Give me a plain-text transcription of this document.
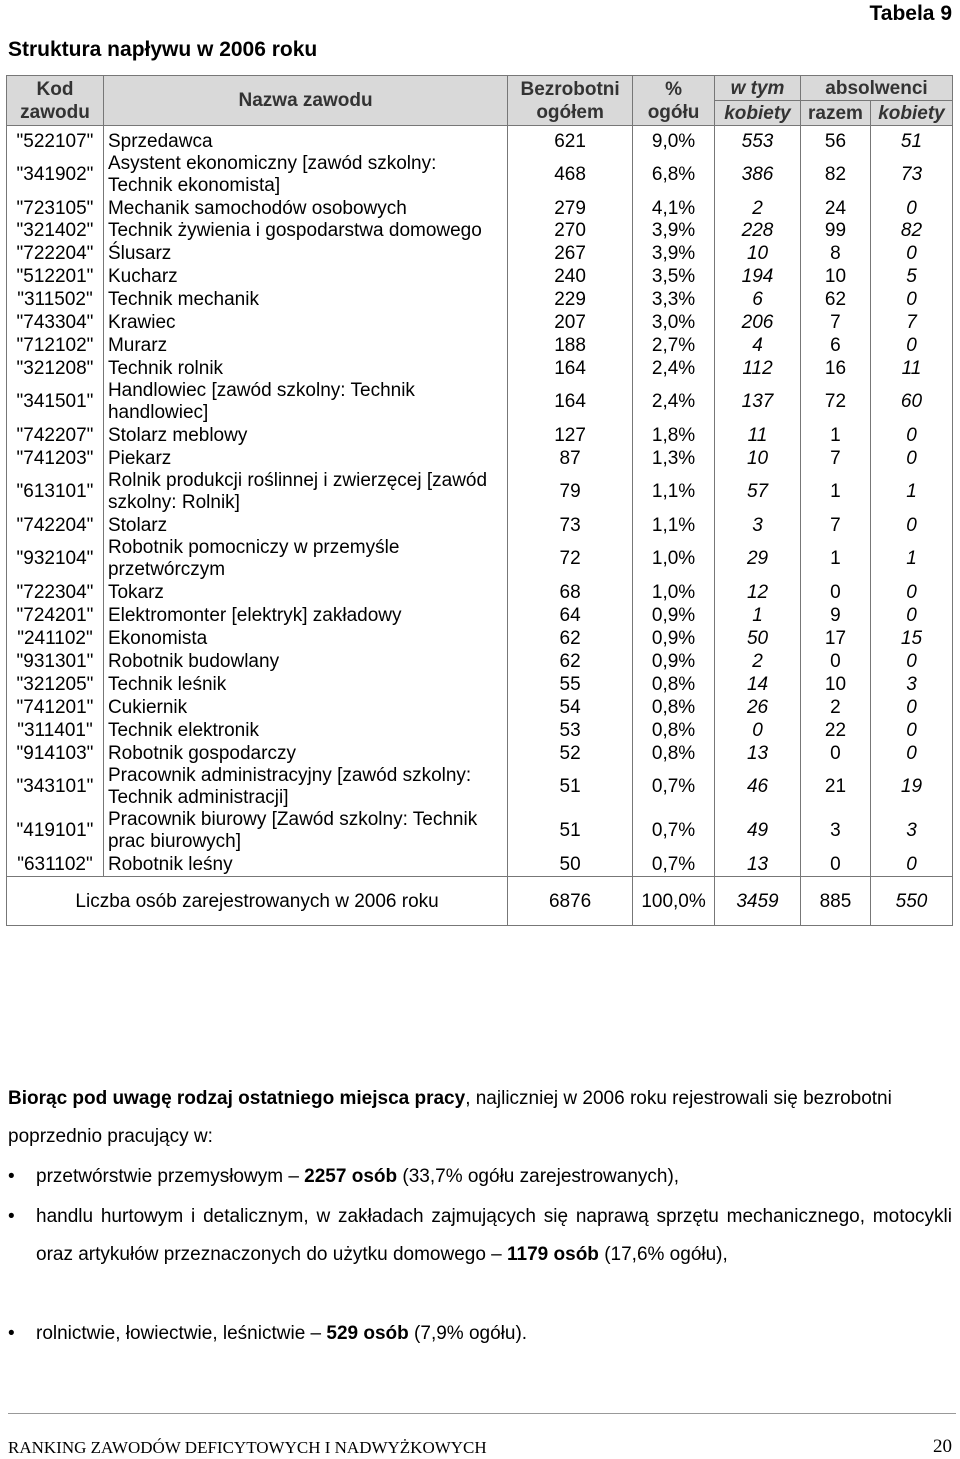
Tabela 9
Struktura napływu w 2006 roku
Kod zawodu	Nazwa zawodu	Bezrobotni ogółem	% ogółu	w tym	absolwenci	
				kobiety	razem	kobiety
"522107"	Sprzedawca	621	9,0%	553	56	51
"341902"	Asystent ekonomiczny [zawód szkolny: Technik ekonomista]	468	6,8%	386	82	73
"723105"	Mechanik samochodów osobowych	279	4,1%	2	24	0
"321402"	Technik żywienia i gospodarstwa domowego	270	3,9%	228	99	82
"722204"	Ślusarz	267	3,9%	10	8	0
"512201"	Kucharz	240	3,5%	194	10	5
"311502"	Technik mechanik	229	3,3%	6	62	0
"743304"	Krawiec	207	3,0%	206	7	7
"712102"	Murarz	188	2,7%	4	6	0
"321208"	Technik rolnik	164	2,4%	112	16	11
"341501"	Handlowiec [zawód szkolny: Technik handlowiec]	164	2,4%	137	72	60
"742207"	Stolarz meblowy	127	1,8%	11	1	0
"741203"	Piekarz	87	1,3%	10	7	0
"613101"	Rolnik produkcji roślinnej i zwierzęcej [zawód szkolny: Rolnik]	79	1,1%	57	1	1
"742204"	Stolarz	73	1,1%	3	7	0
"932104"	Robotnik pomocniczy w przemyśle przetwórczym	72	1,0%	29	1	1
"722304"	Tokarz	68	1,0%	12	0	0
"724201"	Elektromonter [elektryk] zakładowy	64	0,9%	1	9	0
"241102"	Ekonomista	62	0,9%	50	17	15
"931301"	Robotnik budowlany	62	0,9%	2	0	0
"321205"	Technik leśnik	55	0,8%	14	10	3
"741201"	Cukiernik	54	0,8%	26	2	0
"311401"	Technik elektronik	53	0,8%	0	22	0
"914103"	Robotnik gospodarczy	52	0,8%	13	0	0
"343101"	Pracownik administracyjny [zawód szkolny: Technik administracji]	51	0,7%	46	21	19
"419101"	Pracownik biurowy [Zawód szkolny: Technik prac biurowych]	51	0,7%	49	3	3
"631102"	Robotnik leśny	50	0,7%	13	0	0
Liczba osób zarejestrowanych w 2006 roku		6876	100,0%	3459	885	550
Biorąc pod uwagę rodzaj ostatniego miejsca pracy, najliczniej w 2006 roku rejestrowali się bezrobotni poprzednio pracujący w:
• przetwórstwie przemysłowym – 2257 osób (33,7% ogółu zarejestrowanych),
• handlu hurtowym i detalicznym, w zakładach zajmujących się naprawą sprzętu mechanicznego, motocykli oraz artykułów przeznaczonych do użytku domowego – 1179 osób (17,6% ogółu),
• rolnictwie, łowiectwie, leśnictwie – 529 osób (7,9% ogółu).
RANKING ZAWODÓW DEFICYTOWYCH I NADWYŻKOWYCH	20
